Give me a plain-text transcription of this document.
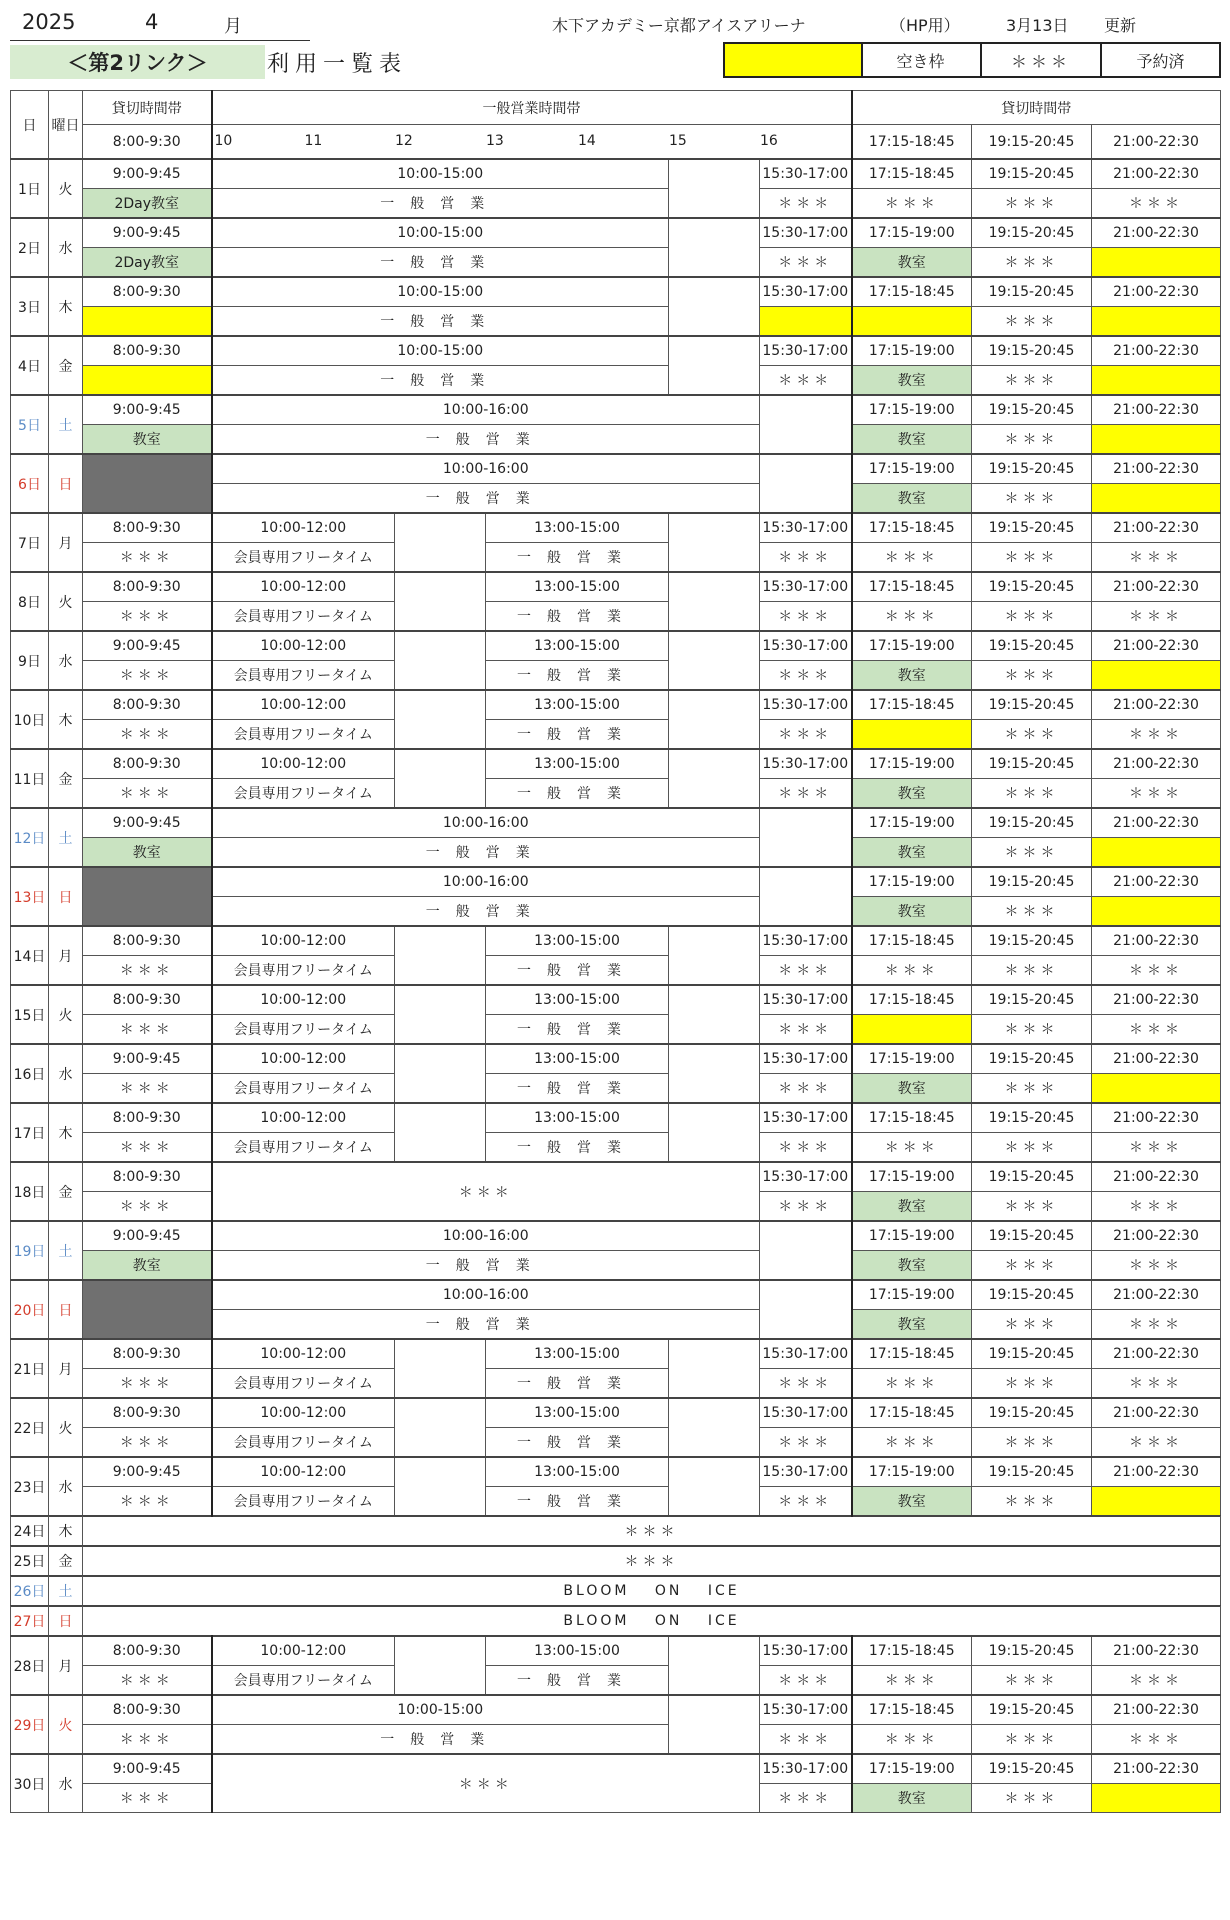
2025	4	月	木下アカデミー京都アイスアリーナ	（HP用）	3月13日 更新
＜第2リンク＞	利用一覧表	空き枠	＊＊＊	予約済
日	曜日	貸切時間帯	一般営業時間帯					貸切時間帯		
		8:00-9:30	10 11	12	13 14	15	16	17:15-18:45	19:15-20:45	21:00-22:30
1日	火	9:00-9:45	10:00-15:00				15:30-17:00	17:15-18:45	19:15-20:45	21:00-22:30
		2Day教室	一般営業				＊＊＊	＊＊＊	＊＊＊	＊＊＊
2日	水	9:00-9:45	10:00-15:00				15:30-17:00	17:15-19:00	19:15-20:45	21:00-22:30
		2Day教室	一般営業				＊＊＊	教室	＊＊＊	
3日	木	8:00-9:30	10:00-15:00				15:30-17:00	17:15-18:45	19:15-20:45	21:00-22:30
			一般営業						＊＊＊	
4日	金	8:00-9:30	10:00-15:00				15:30-17:00	17:15-19:00	19:15-20:45	21:00-22:30
			一般営業				＊＊＊	教室	＊＊＊	
5日	土	9:00-9:45	10:00-16:00					17:15-19:00	19:15-20:45	21:00-22:30
		教室	一般営業					教室	＊＊＊	
6日	日		10:00-16:00					17:15-19:00	19:15-20:45	21:00-22:30
			一般営業					教室	＊＊＊	
7日	月	8:00-9:30	10:00-12:00		13:00-15:00		15:30-17:00	17:15-18:45	19:15-20:45	21:00-22:30
		＊＊＊	会員専用フリータイム		一般営業		＊＊＊	＊＊＊	＊＊＊	＊＊＊
8日	火	8:00-9:30	10:00-12:00		13:00-15:00		15:30-17:00	17:15-18:45	19:15-20:45	21:00-22:30
		＊＊＊	会員専用フリータイム		一般営業		＊＊＊	＊＊＊	＊＊＊	＊＊＊
9日	水	9:00-9:45	10:00-12:00		13:00-15:00		15:30-17:00	17:15-19:00	19:15-20:45	21:00-22:30
		＊＊＊	会員専用フリータイム		一般営業		＊＊＊	教室	＊＊＊	
10日	木	8:00-9:30	10:00-12:00		13:00-15:00		15:30-17:00	17:15-18:45	19:15-20:45	21:00-22:30
		＊＊＊	会員専用フリータイム		一般営業		＊＊＊		＊＊＊	＊＊＊
11日	金	8:00-9:30	10:00-12:00		13:00-15:00		15:30-17:00	17:15-19:00	19:15-20:45	21:00-22:30
		＊＊＊	会員専用フリータイム		一般営業		＊＊＊	教室	＊＊＊	＊＊＊
12日	土	9:00-9:45	10:00-16:00					17:15-19:00	19:15-20:45	21:00-22:30
		教室	一般営業					教室	＊＊＊	
13日	日		10:00-16:00					17:15-19:00	19:15-20:45	21:00-22:30
			一般営業					教室	＊＊＊	
14日	月	8:00-9:30	10:00-12:00		13:00-15:00		15:30-17:00	17:15-18:45	19:15-20:45	21:00-22:30
		＊＊＊	会員専用フリータイム		一般営業		＊＊＊	＊＊＊	＊＊＊	＊＊＊
15日	火	8:00-9:30	10:00-12:00		13:00-15:00		15:30-17:00	17:15-18:45	19:15-20:45	21:00-22:30
		＊＊＊	会員専用フリータイム		一般営業		＊＊＊		＊＊＊	＊＊＊
16日	水	9:00-9:45	10:00-12:00		13:00-15:00		15:30-17:00	17:15-19:00	19:15-20:45	21:00-22:30
		＊＊＊	会員専用フリータイム		一般営業		＊＊＊	教室	＊＊＊	
17日	木	8:00-9:30	10:00-12:00		13:00-15:00		15:30-17:00	17:15-18:45	19:15-20:45	21:00-22:30
		＊＊＊	会員専用フリータイム		一般営業		＊＊＊	＊＊＊	＊＊＊	＊＊＊
18日	金	8:00-9:30	＊＊＊				15:30-17:00	17:15-19:00	19:15-20:45	21:00-22:30
		＊＊＊					＊＊＊	教室	＊＊＊	＊＊＊
19日	土	9:00-9:45	10:00-16:00					17:15-19:00	19:15-20:45	21:00-22:30
		教室	一般営業					教室	＊＊＊	＊＊＊
20日	日		10:00-16:00					17:15-19:00	19:15-20:45	21:00-22:30
			一般営業					教室	＊＊＊	＊＊＊
21日	月	8:00-9:30	10:00-12:00		13:00-15:00		15:30-17:00	17:15-18:45	19:15-20:45	21:00-22:30
		＊＊＊	会員専用フリータイム		一般営業		＊＊＊	＊＊＊	＊＊＊	＊＊＊
22日	火	8:00-9:30	10:00-12:00		13:00-15:00		15:30-17:00	17:15-18:45	19:15-20:45	21:00-22:30
		＊＊＊	会員専用フリータイム		一般営業		＊＊＊	＊＊＊	＊＊＊	＊＊＊
23日	水	9:00-9:45	10:00-12:00		13:00-15:00		15:30-17:00	17:15-19:00	19:15-20:45	21:00-22:30
		＊＊＊	会員専用フリータイム		一般営業		＊＊＊	教室	＊＊＊	
24日	木	＊＊＊								

25日	金	＊＊＊								

26日	土	BLOOM ON ICE								

27日	日	BLOOM ON ICE								

28日	月	8:00-9:30	10:00-12:00		13:00-15:00		15:30-17:00	17:15-18:45	19:15-20:45	21:00-22:30
		＊＊＊	会員専用フリータイム		一般営業		＊＊＊	＊＊＊	＊＊＊	＊＊＊
29日	火	8:00-9:30	10:00-15:00				15:30-17:00	17:15-18:45	19:15-20:45	21:00-22:30
		＊＊＊	一般営業				＊＊＊	＊＊＊	＊＊＊	＊＊＊
30日	水	9:00-9:45	＊＊＊				15:30-17:00	17:15-19:00	19:15-20:45	21:00-22:30
		＊＊＊					＊＊＊	教室	＊＊＊	
